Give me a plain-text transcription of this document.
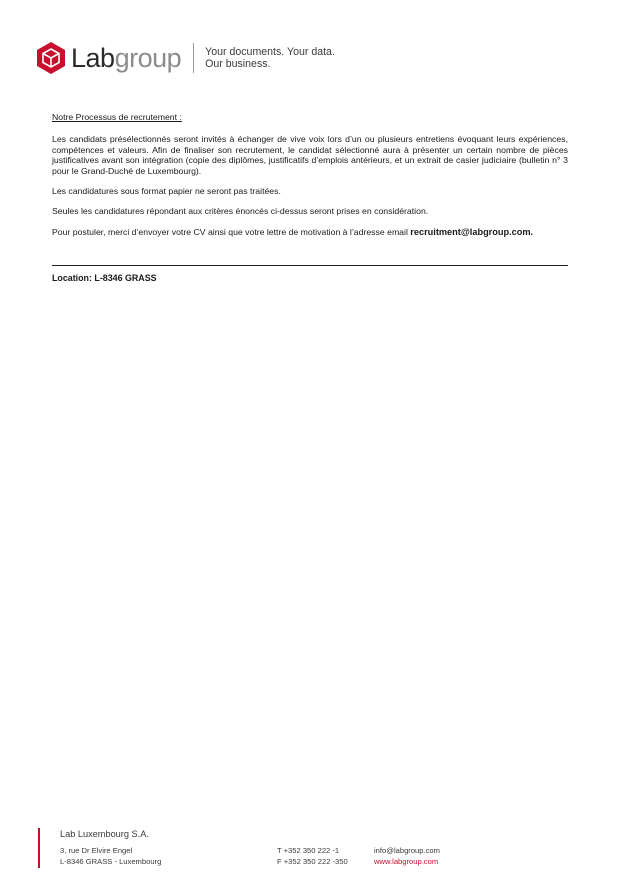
Labgroup Your documents. Your data.
Our business.
Notre Processus de recrutement :

Les candidats présélectionnés seront invités à échanger de vive voix lors d’un ou plusieurs entretiens évoquant leurs expériences, compétences et valeurs. Afin de finaliser son recrutement, le candidat sélectionné aura à présenter un certain nombre de pièces justificatives avant son intégration (copie des diplômes, justificatifs d’emplois antérieurs, et un extrait de casier judiciaire (bulletin n° 3 pour le Grand-Duché de Luxembourg).

Les candidatures sous format papier ne seront pas traitées.

Seules les candidatures répondant aux critères énoncés ci-dessus seront prises en considération.

Pour postuler, merci d’envoyer votre CV ainsi que votre lettre de motivation à l’adresse email recruitment@labgroup.com.

Location: L-8346 GRASS
Lab Luxembourg S.A.
3, rue Dr Elvire Engel
L-8346 GRASS - Luxembourg
T +352 350 222 -1
F +352 350 222 -350
info@labgroup.com
www.labgroup.com
